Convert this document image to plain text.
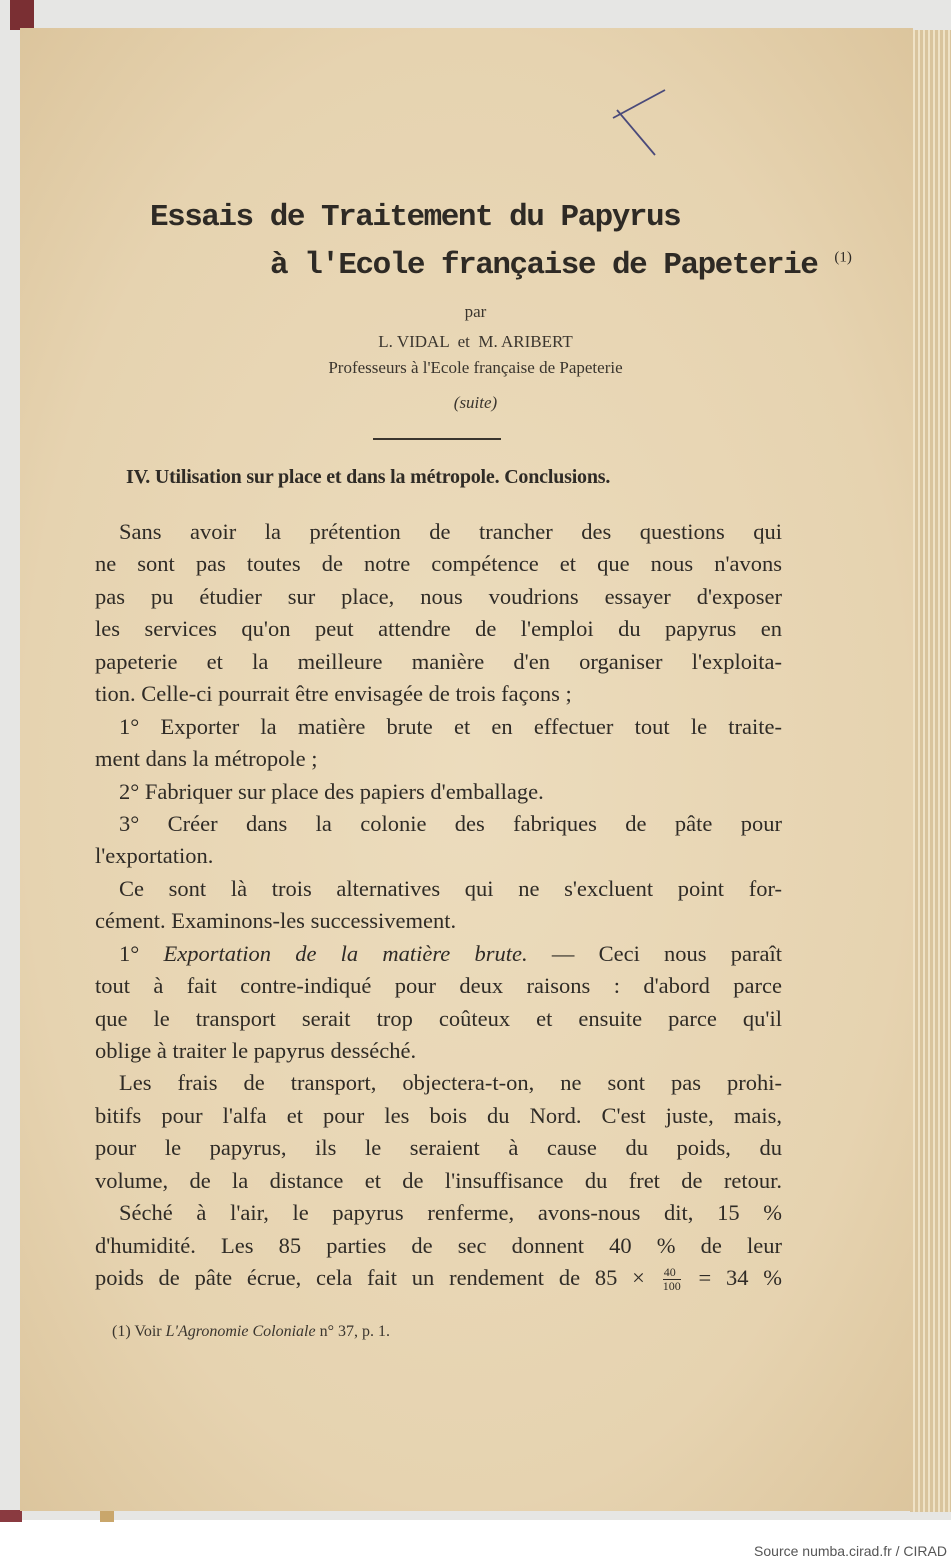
Essais de Traitement du Papyrus
à l'Ecole française de Papeterie $^{(1)}$
par
L. VIDAL  et  M. ARIBERT
Professeurs à l'Ecole française de Papeterie
(suite)
IV. Utilisation sur place et dans la métropole. Conclusions.
Sans avoir la prétention de trancher des questions qui
ne sont pas toutes de notre compétence et que nous n'avons
pas pu étudier sur place, nous voudrions essayer d'exposer
les services qu'on peut attendre de l'emploi du papyrus en
papeterie et la meilleure manière d'en organiser l'exploita-
tion. Celle-ci pourrait être envisagée de trois façons ;
1° Exporter la matière brute et en effectuer tout le traite-
ment dans la métropole ;
2° Fabriquer sur place des papiers d'emballage.
3° Créer dans la colonie des fabriques de pâte pour
l'exportation.
Ce sont là trois alternatives qui ne s'excluent point for-
cément. Examinons-les successivement.
1° Exportation de la matière brute. — Ceci nous paraît
tout à fait contre-indiqué pour deux raisons : d'abord parce
que le transport serait trop coûteux et ensuite parce qu'il
oblige à traiter le papyrus desséché.
Les frais de transport, objectera-t-on, ne sont pas prohi-
bitifs pour l'alfa et pour les bois du Nord. C'est juste, mais,
pour le papyrus, ils le seraient à cause du poids, du
volume, de la distance et de l'insuffisance du fret de retour.
Séché à l'air, le papyrus renferme, avons-nous dit, 15 %
d'humidité. Les 85 parties de sec donnent 40 % de leur
poids de pâte écrue, cela fait un rendement de $85 \times \frac{40}{100} = 34$ %
(1) Voir L'Agronomie Coloniale n° 37, p. 1.
Source numba.cirad.fr / CIRAD
